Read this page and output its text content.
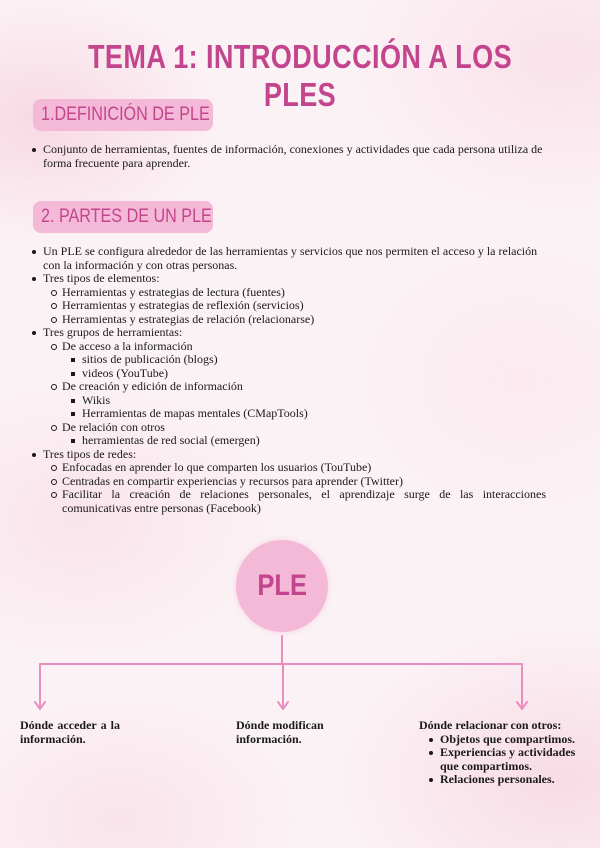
TEMA 1: INTRODUCCIÓN A LOS PLES
1.DEFINICIÓN DE PLE
Conjunto de herramientas, fuentes de información, conexiones y actividades que cada persona utiliza de forma frecuente para aprender.
2. PARTES DE UN PLE
Un PLE se configura alrededor de las herramientas y servicios que nos permiten el acceso y la relación con la información y con otras personas.
Tres tipos de elementos:
Herramientas y estrategias de lectura (fuentes)
Herramientas y estrategias de reflexión (servicios)
Herramientas y estrategias de relación (relacionarse)
Tres grupos de herramientas:
De acceso a la información
sitios de publicación (blogs)
videos (YouTube)
De creación y edición de información
Wikis
Herramientas de mapas mentales (CMapTools)
De relación con otros
herramientas de red social (emergen)
Tres tipos de redes:
Enfocadas en aprender lo que comparten los usuarios (TouTube)
Centradas en compartir experiencias y recursos para aprender (Twitter)
Facilitar la creación de relaciones personales, el aprendizaje surge de las interacciones comunicativas entre personas (Facebook)
PLE
Dónde acceder a la información.
Dónde modifican información.
Dónde relacionar con otros:
Objetos que compartimos.
Experiencias y actividades que compartimos.
Relaciones personales.
